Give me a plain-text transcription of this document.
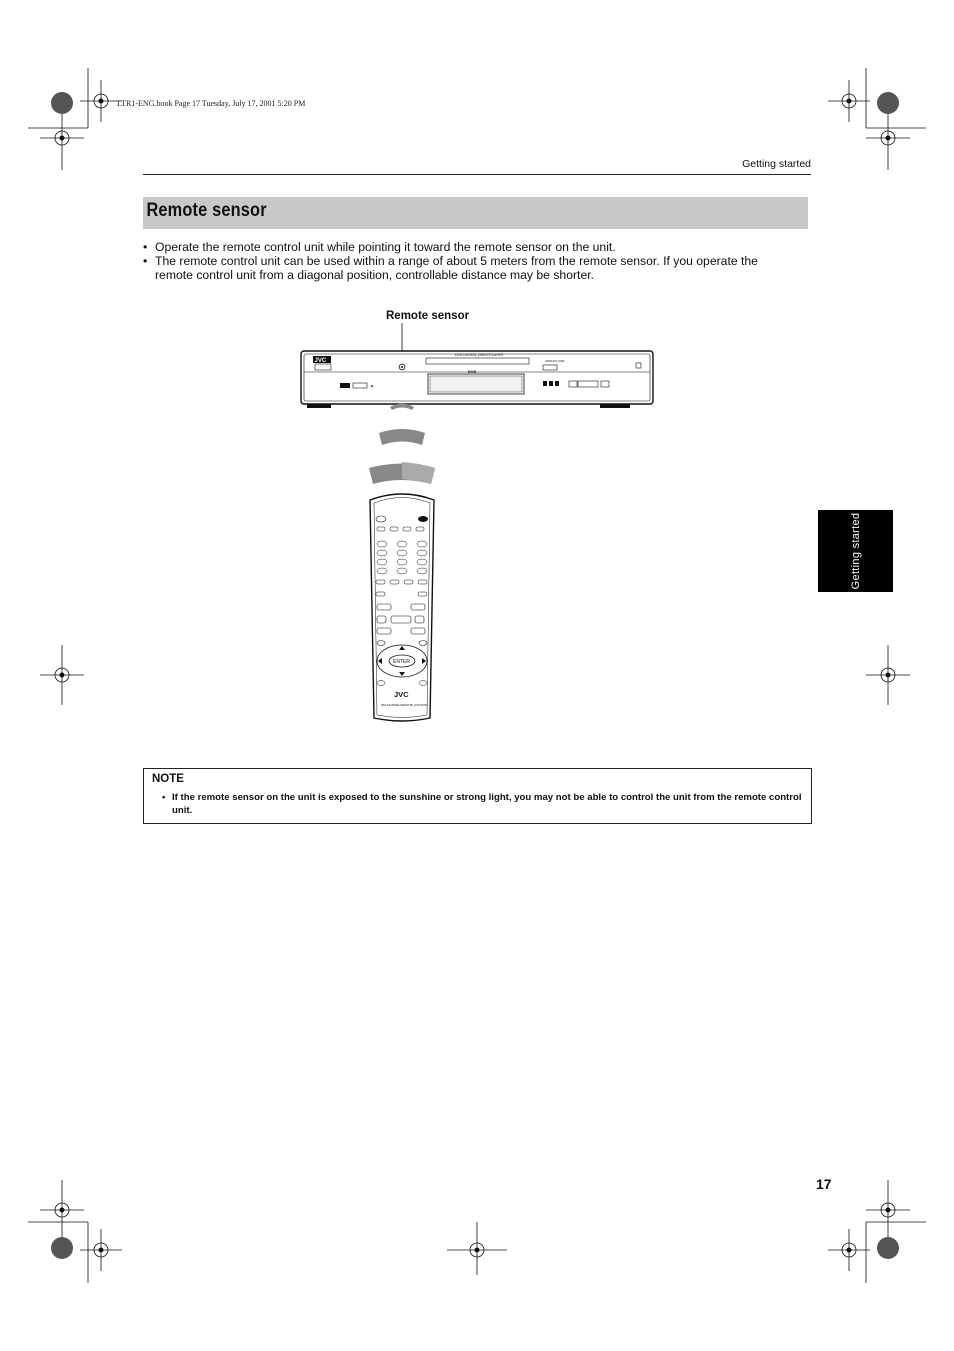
LTR1-ENG.book Page 17 Tuesday, July 17, 2001 5:20 PM
Getting started
Remote sensor
• Operate the remote control unit while pointing it toward the remote sensor on the unit.
• The remote control unit can be used within a range of about 5 meters from the remote sensor. If you operate the remote control unit from a diagonal position, controllable distance may be shorter.
Remote sensor
JVC
DVD DIGITAL VIDEO PLAYER
DVD
✕
OPEN/CLOSE
ENTER
JVC
RM-SXV009A REMOTE CONTROL
Getting started
NOTE
• If the remote sensor on the unit is exposed to the sunshine or strong light, you may not be able to control the unit from the remote control unit.
17
